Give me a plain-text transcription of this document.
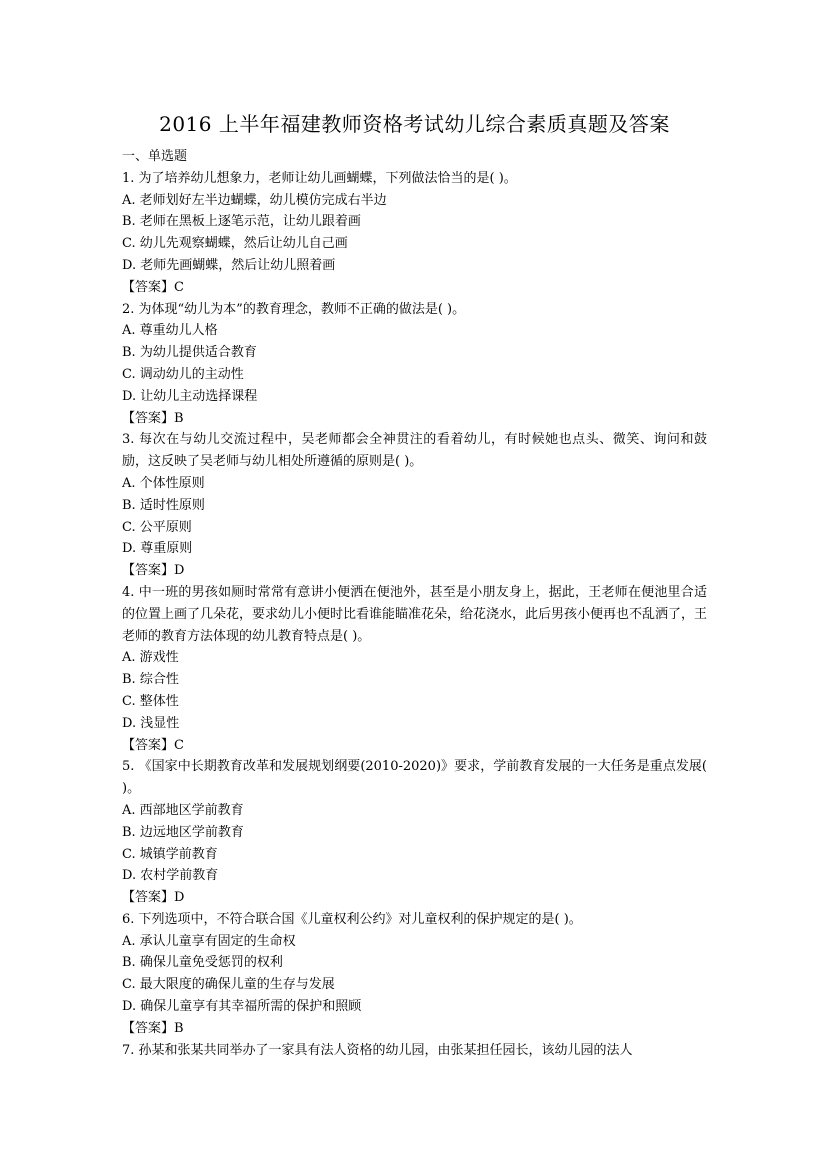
2016 上半年福建教师资格考试幼儿综合素质真题及答案
一、单选题
1. 为了培养幼儿想象力，老师让幼儿画蝴蝶，下列做法恰当的是( )。
A. 老师划好左半边蝴蝶，幼儿模仿完成右半边
B. 老师在黑板上逐笔示范，让幼儿跟着画
C. 幼儿先观察蝴蝶，然后让幼儿自己画
D. 老师先画蝴蝶，然后让幼儿照着画
【答案】C
2. 为体现“幼儿为本”的教育理念，教师不正确的做法是( )。
A. 尊重幼儿人格
B. 为幼儿提供适合教育
C. 调动幼儿的主动性
D. 让幼儿主动选择课程
【答案】B
3. 每次在与幼儿交流过程中，吴老师都会全神贯注的看着幼儿，有时候她也点头、微笑、询问和鼓励，这反映了吴老师与幼儿相处所遵循的原则是( )。
A. 个体性原则
B. 适时性原则
C. 公平原则
D. 尊重原则
【答案】D
4. 中一班的男孩如厕时常常有意讲小便洒在便池外，甚至是小朋友身上，据此，王老师在便池里合适的位置上画了几朵花，要求幼儿小便时比看谁能瞄准花朵，给花浇水，此后男孩小便再也不乱洒了，王老师的教育方法体现的幼儿教育特点是( )。
A. 游戏性
B. 综合性
C. 整体性
D. 浅显性
【答案】C
5. 《国家中长期教育改革和发展规划纲要(2010-2020)》要求，学前教育发展的一大任务是重点发展( )。
A. 西部地区学前教育
B. 边远地区学前教育
C. 城镇学前教育
D. 农村学前教育
【答案】D
6. 下列选项中，不符合联合国《儿童权利公约》对儿童权利的保护规定的是( )。
A. 承认儿童享有固定的生命权
B. 确保儿童免受惩罚的权利
C. 最大限度的确保儿童的生存与发展
D. 确保儿童享有其幸福所需的保护和照顾
【答案】B
7. 孙某和张某共同举办了一家具有法人资格的幼儿园，由张某担任园长，该幼儿园的法人
